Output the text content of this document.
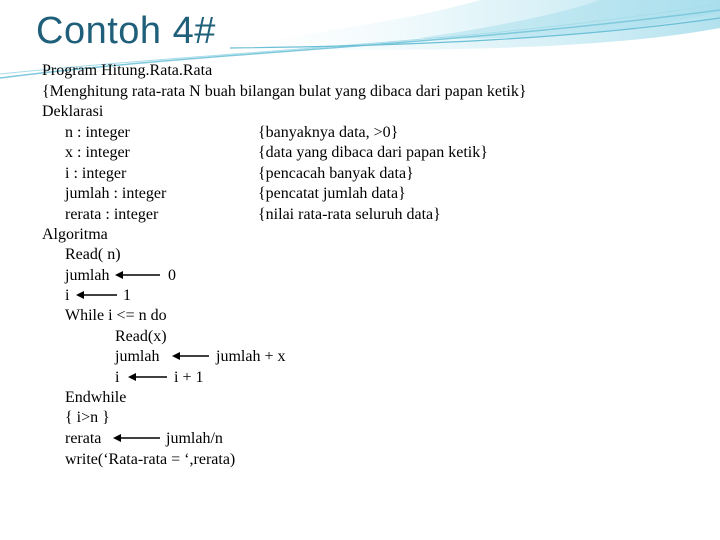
Contoh 4#
Program Hitung.Rata.Rata
{Menghitung rata-rata N buah bilangan bulat yang dibaca dari papan ketik}
Deklarasi
n : integer	{banyaknya data, >0}
x : integer	{data yang dibaca dari papan ketik}
i : integer	{pencacah banyak data}
jumlah : integer	{pencatat jumlah data}
rerata : integer	{nilai rata-rata seluruh data}
Algoritma
Read( n)
jumlah	0
i	1
While i <= n do
Read(x)
jumlah	jumlah + x
i	i + 1
Endwhile
{ i>n }
rerata	jumlah/n
write(‘Rata-rata = ‘,rerata)
